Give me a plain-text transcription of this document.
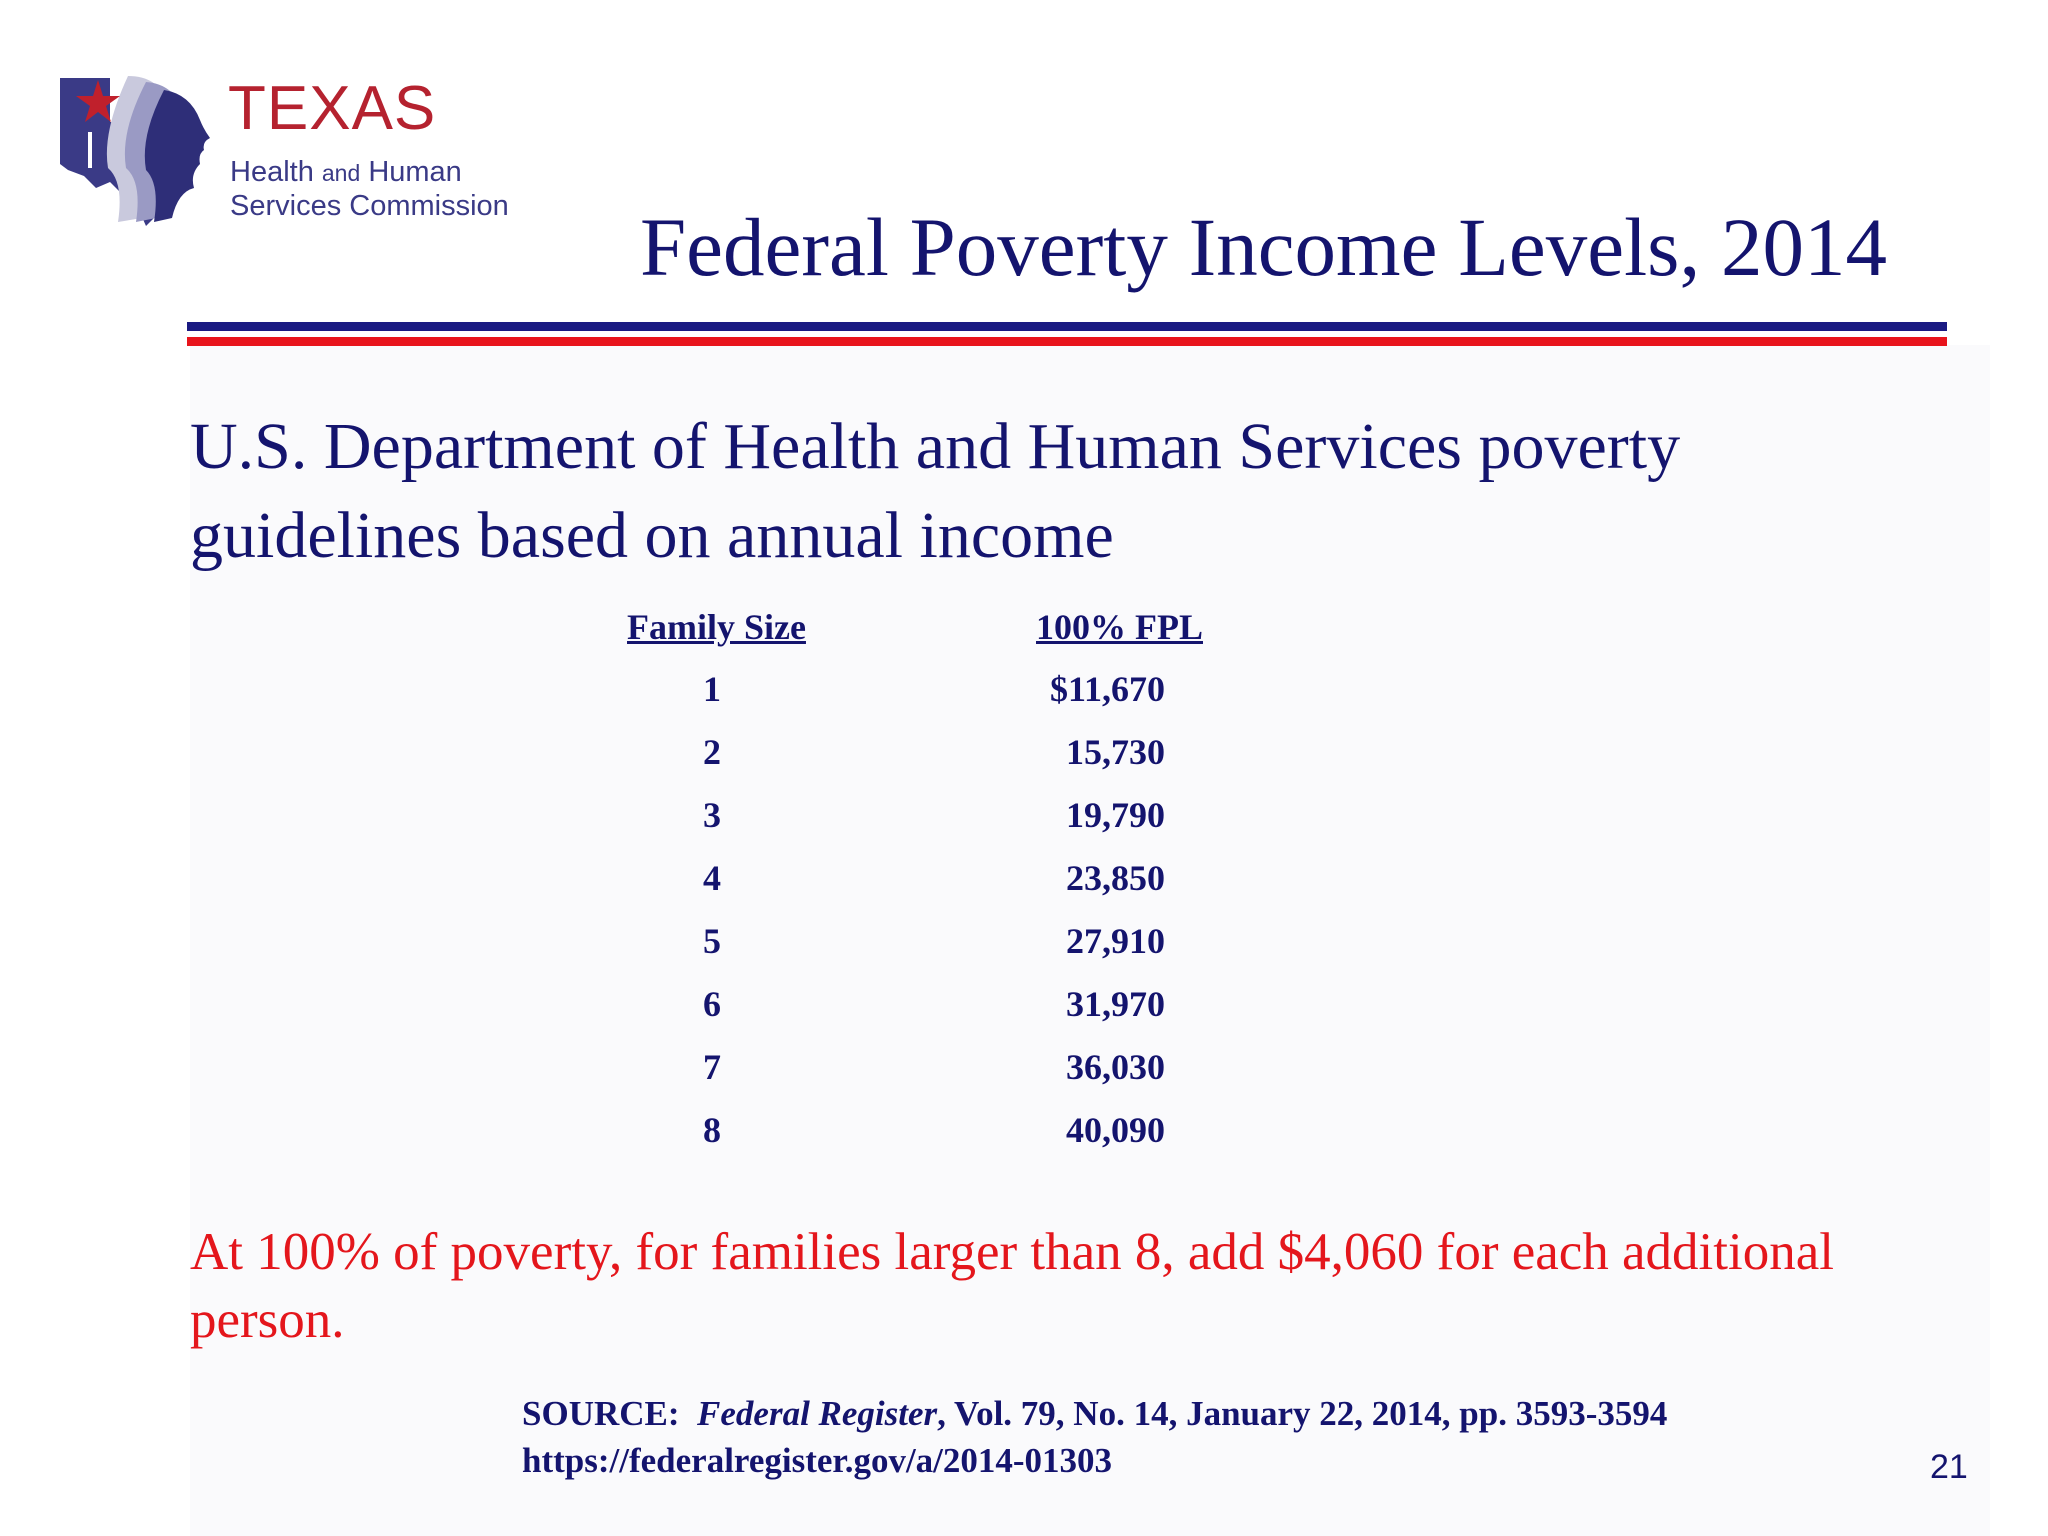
TEXAS
Health and Human
Services Commission Federal Poverty Income Levels, 2014
U.S. Department of Health and Human Services poverty guidelines based on annual income
Family Size	100% FPL
1	$11,670
2	15,730
3	19,790
4	23,850
5	27,910
6	31,970
7	36,030
8	40,090
At 100% of poverty, for families larger than 8, add $4,060 for each additional person.
SOURCE: Federal Register, Vol. 79, No. 14, January 22, 2014, pp. 3593-3594
https://federalregister.gov/a/2014-01303	21
